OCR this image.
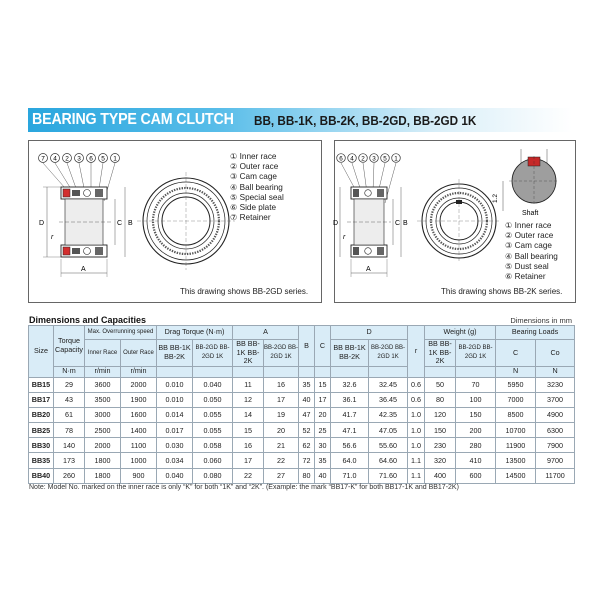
BEARING TYPE CAM CLUTCH BB, BB-1K, BB-2K, BB-2GD, BB-2GD 1K
7 4 2 3 6 5 1
D	C B
r
A
① Inner race
② Outer race
③ Cam cage
④ Ball bearing
⑤ Special seal
⑥ Side plate
⑦ Retainer
This drawing shows BB-2GD series.
6 4 2 3 5 1
D	C B
r
A
1.2
Shaft
① Inner race
② Outer race
③ Cam cage
④ Ball bearing
⑤ Dust seal
⑥ Retainer
This drawing shows BB-2K series.
Dimensions and Capacities	Dimensions in mm
Size	Torque Capacity	Max. Overrunning speed		Drag Torque (N·m)		A		B	C	D		r	Weight (g)		Bearing Loads	
		Inner Race	Outer Race	BB BB-1K BB-2K	BB-2GD BB-2GD 1K	BB BB-1K BB-2K	BB-2GD BB-2GD 1K			BB BB-1K BB-2K	BB-2GD BB-2GD 1K		BB BB-1K BB-2K	BB-2GD BB-2GD 1K	C	Co
	N·m	r/min	r/min												N	N
BB15	29	3600	2000	0.010	0.040	11	16	35	15	32.6	32.45	0.6	50	70	5950	3230
BB17	43	3500	1900	0.010	0.050	12	17	40	17	36.1	36.45	0.6	80	100	7000	3700
BB20	61	3000	1600	0.014	0.055	14	19	47	20	41.7	42.35	1.0	120	150	8500	4900
BB25	78	2500	1400	0.017	0.055	15	20	52	25	47.1	47.05	1.0	150	200	10700	6300
BB30	140	2000	1100	0.030	0.058	16	21	62	30	56.6	55.60	1.0	230	280	11900	7900
BB35	173	1800	1000	0.034	0.060	17	22	72	35	64.0	64.60	1.1	320	410	13500	9700
BB40	260	1800	900	0.040	0.080	22	27	80	40	71.0	71.60	1.1	400	600	14500	11700
Note: Model No. marked on the inner race is only “K” for both “1K” and “2K”. (Example: the mark “BB17-K” for both BB17-1K and BB17-2K)
